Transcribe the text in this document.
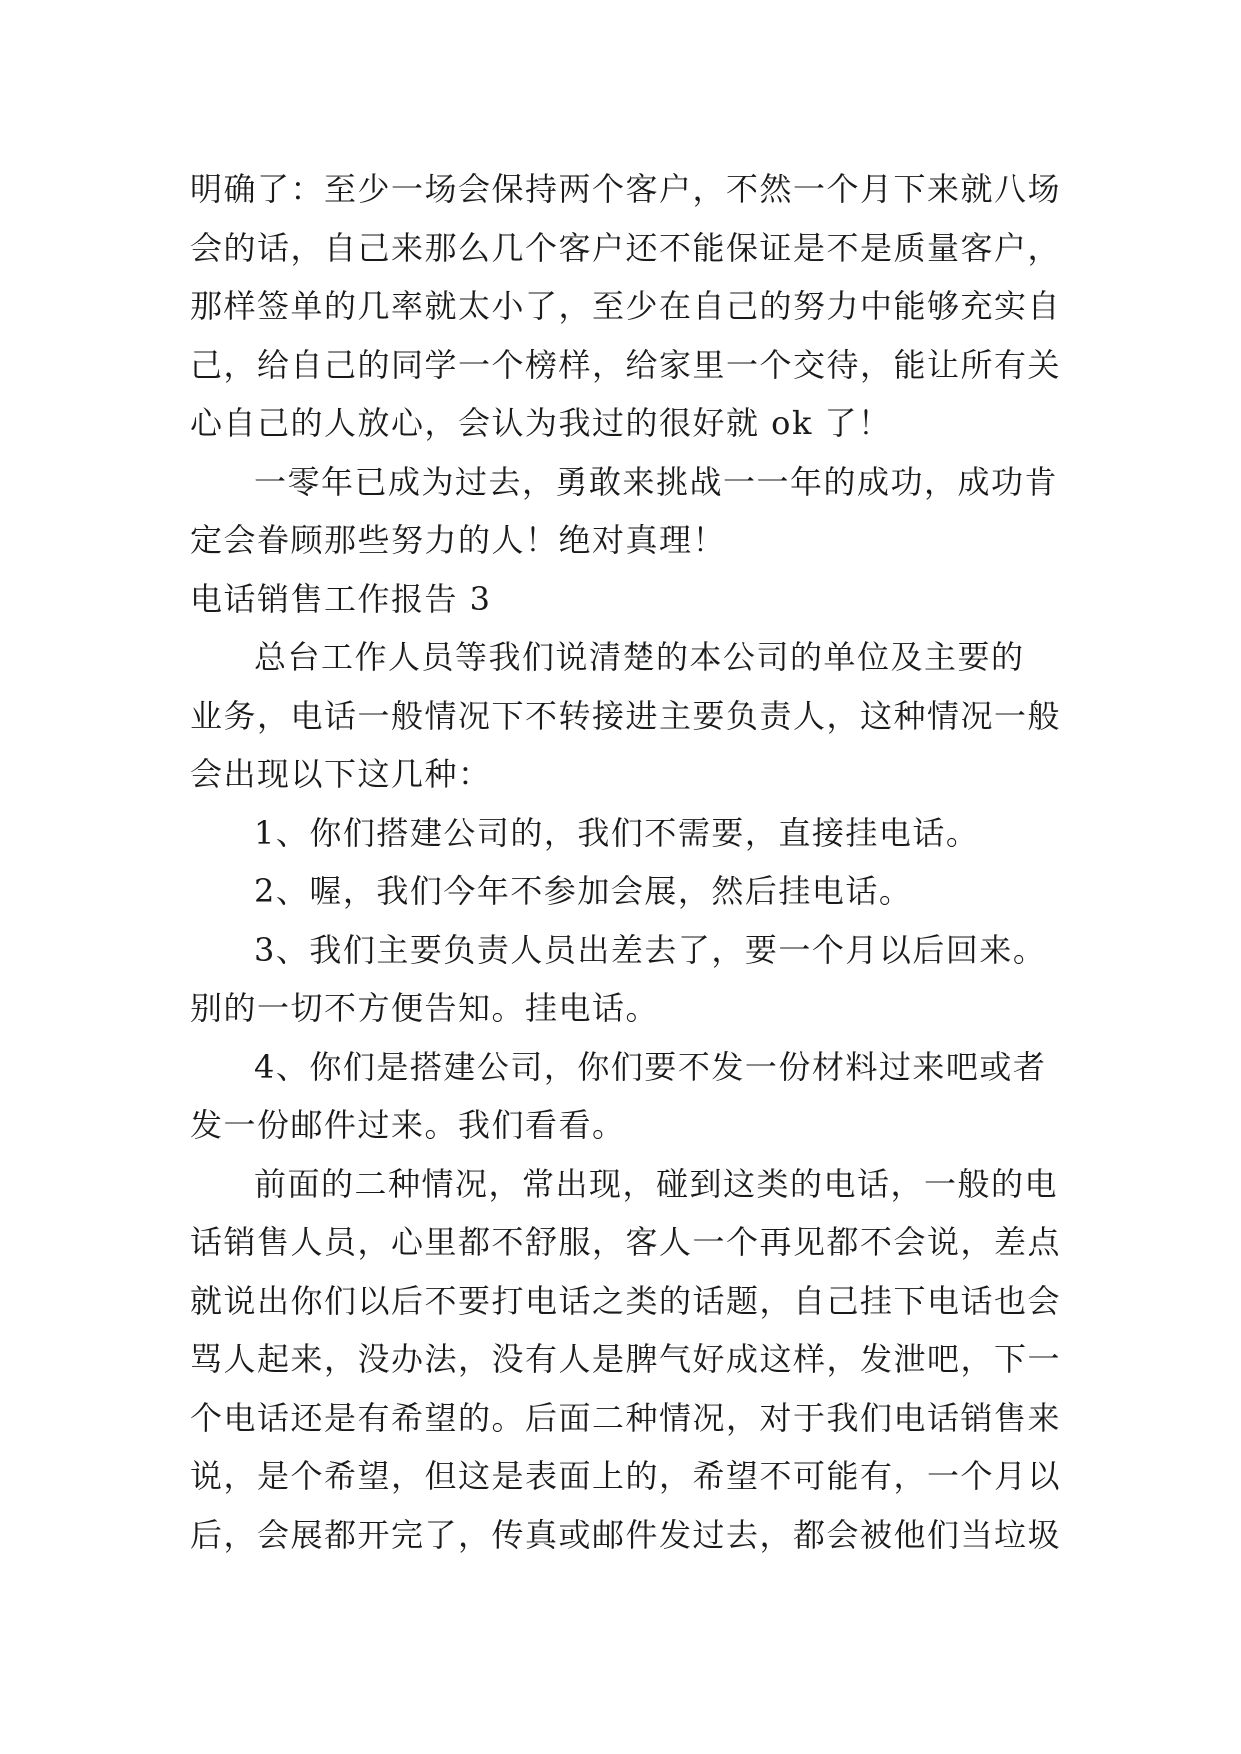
明确了：至少一场会保持两个客户，不然一个月下来就八场
会的话，自己来那么几个客户还不能保证是不是质量客户，
那样签单的几率就太小了，至少在自己的努力中能够充实自
己，给自己的同学一个榜样，给家里一个交待，能让所有关
心自己的人放心，会认为我过的很好就 ok 了！
一零年已成为过去，勇敢来挑战一一年的成功，成功肯
定会眷顾那些努力的人！绝对真理！
电话销售工作报告 3
总台工作人员等我们说清楚的本公司的单位及主要的
业务，电话一般情况下不转接进主要负责人，这种情况一般
会出现以下这几种：
1、你们搭建公司的，我们不需要，直接挂电话。
2、喔，我们今年不参加会展，然后挂电话。
3、我们主要负责人员出差去了，要一个月以后回来。
别的一切不方便告知。挂电话。
4、你们是搭建公司，你们要不发一份材料过来吧或者
发一份邮件过来。我们看看。
前面的二种情况，常出现，碰到这类的电话，一般的电
话销售人员，心里都不舒服，客人一个再见都不会说，差点
就说出你们以后不要打电话之类的话题，自己挂下电话也会
骂人起来，没办法，没有人是脾气好成这样，发泄吧，下一
个电话还是有希望的。后面二种情况，对于我们电话销售来
说，是个希望，但这是表面上的，希望不可能有，一个月以
后，会展都开完了，传真或邮件发过去，都会被他们当垃圾
